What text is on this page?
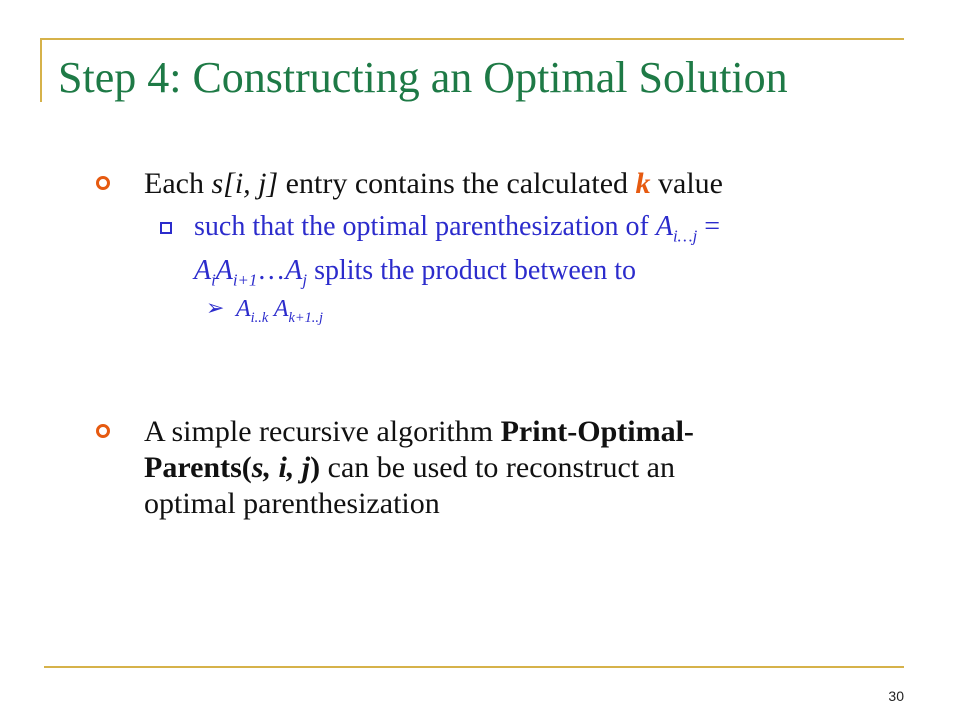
Step 4: Constructing an Optimal Solution
Each s[i, j] entry contains the calculated k value
such that the optimal parenthesization of $A_{i\dots j}$ =
$A_iA_{i+1}\dots A_j$ splits the product between to
➢ $A_{i..k}$ $A_{k+1..j}$
A simple recursive algorithm Print-Optimal-
Parents(s, i, j) can be used to reconstruct an
optimal parenthesization
30
